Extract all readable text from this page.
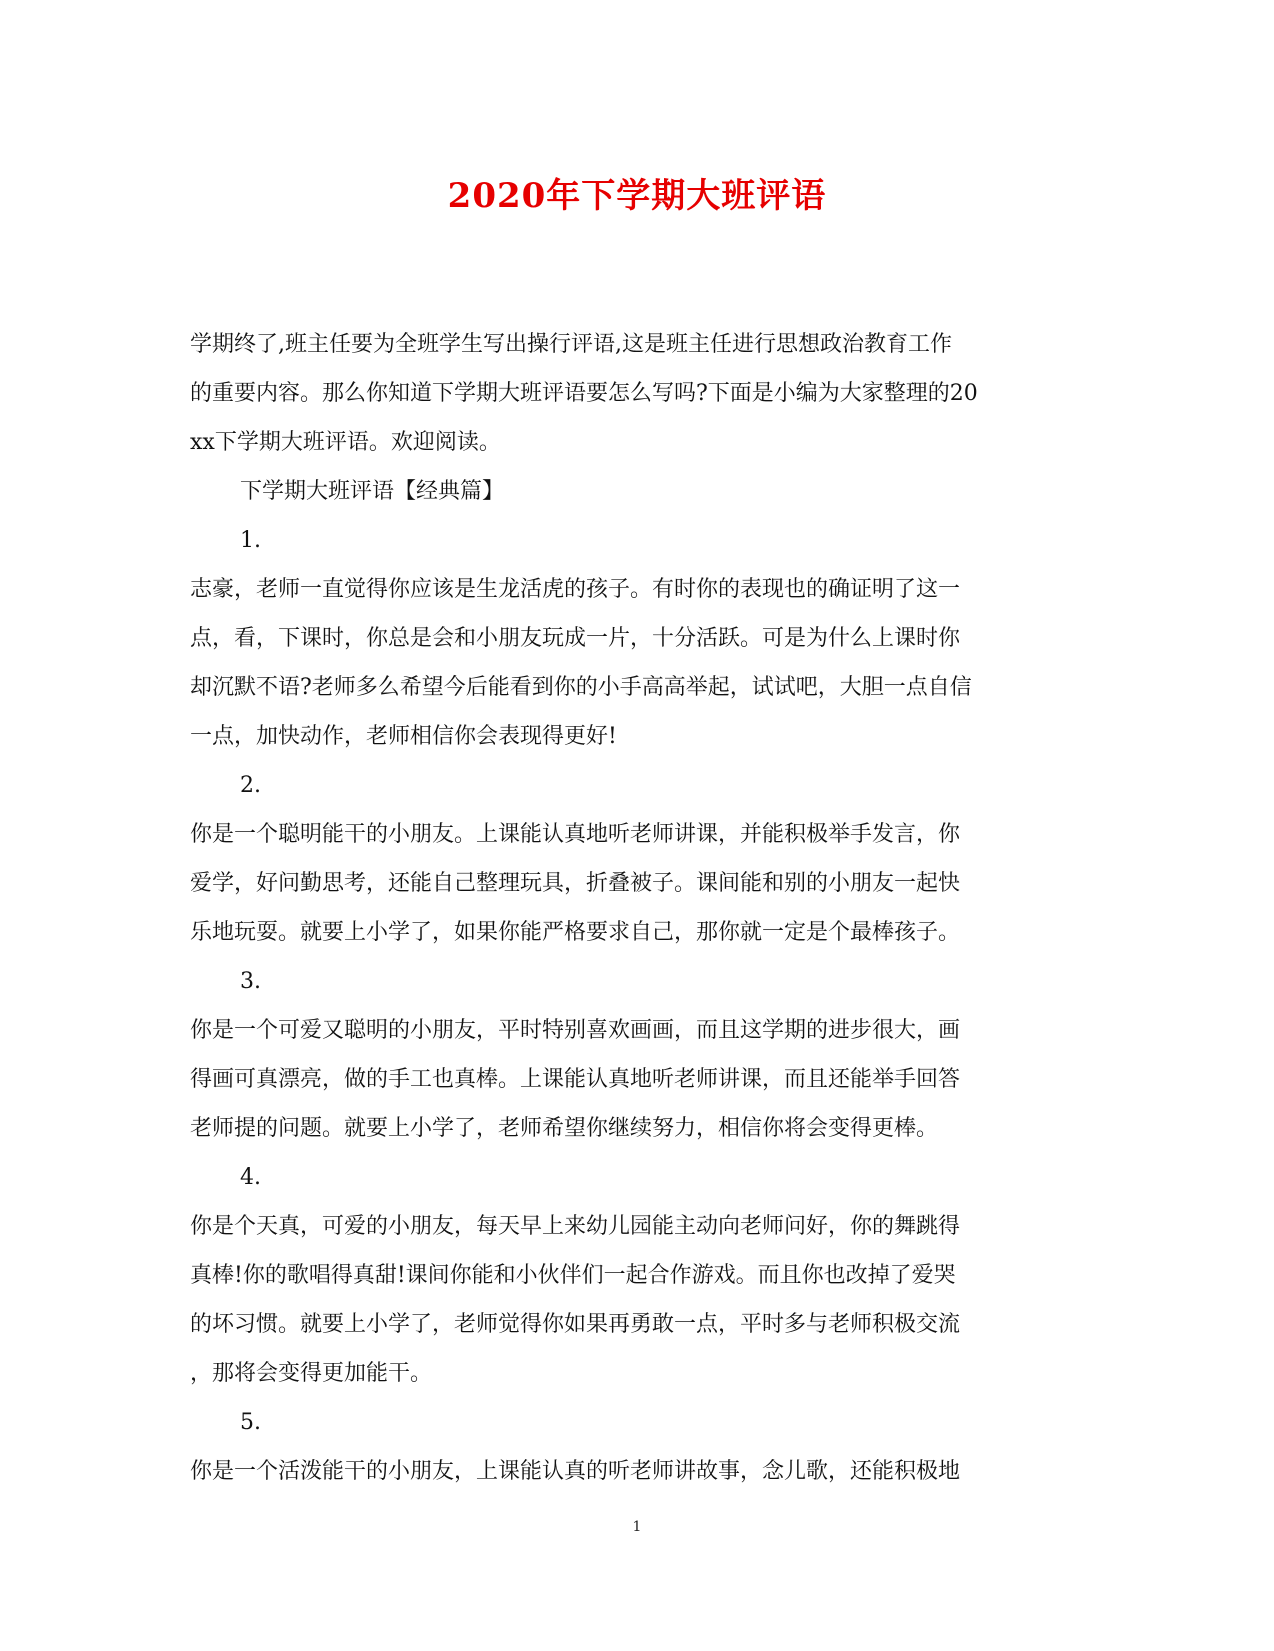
2020年下学期大班评语
学期终了,班主任要为全班学生写出操行评语,这是班主任进行思想政治教育工作
的重要内容。那么你知道下学期大班评语要怎么写吗?下面是小编为大家整理的20
xx下学期大班评语。欢迎阅读。
下学期大班评语【经典篇】
1.
志豪，老师一直觉得你应该是生龙活虎的孩子。有时你的表现也的确证明了这一
点，看，下课时，你总是会和小朋友玩成一片，十分活跃。可是为什么上课时你
却沉默不语?老师多么希望今后能看到你的小手高高举起，试试吧，大胆一点自信
一点，加快动作，老师相信你会表现得更好!
2.
你是一个聪明能干的小朋友。上课能认真地听老师讲课，并能积极举手发言，你
爱学，好问勤思考，还能自己整理玩具，折叠被子。课间能和别的小朋友一起快
乐地玩耍。就要上小学了，如果你能严格要求自己，那你就一定是个最棒孩子。
3.
你是一个可爱又聪明的小朋友，平时特别喜欢画画，而且这学期的进步很大，画
得画可真漂亮，做的手工也真棒。上课能认真地听老师讲课，而且还能举手回答
老师提的问题。就要上小学了，老师希望你继续努力，相信你将会变得更棒。
4.
你是个天真，可爱的小朋友，每天早上来幼儿园能主动向老师问好，你的舞跳得
真棒!你的歌唱得真甜!课间你能和小伙伴们一起合作游戏。而且你也改掉了爱哭
的坏习惯。就要上小学了，老师觉得你如果再勇敢一点，平时多与老师积极交流
，那将会变得更加能干。
5.
你是一个活泼能干的小朋友，上课能认真的听老师讲故事，念儿歌，还能积极地
1
